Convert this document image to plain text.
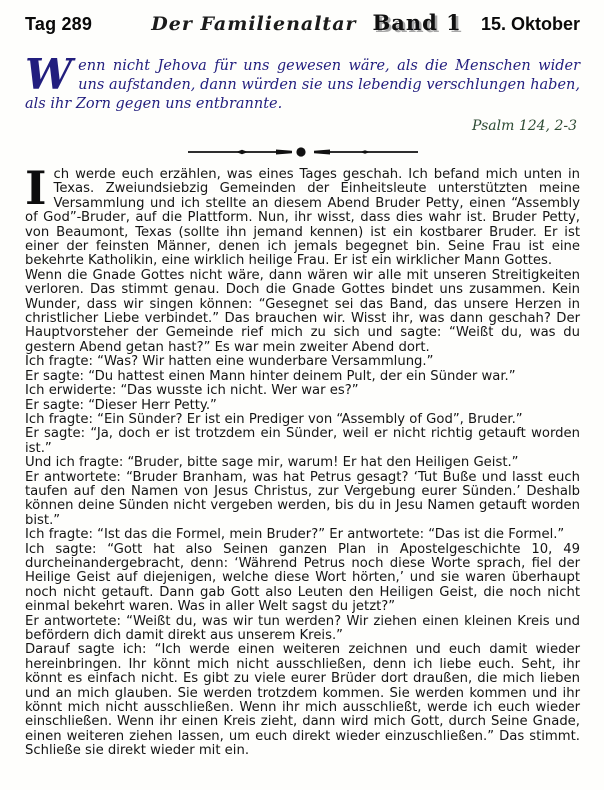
Tag 289	Der Familienaltar Band 1 15. Oktober
Wenn nicht Jehova für uns gewesen wäre, als die Menschen wider uns aufstanden, dann würden sie uns lebendig verschlungen haben, als ihr Zorn gegen uns entbrannte.
Psalm 124, 2-3

Ich werde euch erzählen, was eines Tages geschah. Ich befand mich unten in Texas. Zweiundsiebzig Gemeinden der Einheitsleute unterstützten meine Versammlung und ich stellte an diesem Abend Bruder Petty, einen “Assembly of God”-Bruder, auf die Plattform. Nun, ihr wisst, dass dies wahr ist. Bruder Petty, von Beaumont, Texas (sollte ihn jemand kennen) ist ein kostbarer Bruder. Er ist einer der feinsten Männer, denen ich jemals begegnet bin. Seine Frau ist eine bekehrte Katholikin, eine wirklich heilige Frau. Er ist ein wirklicher Mann Gottes.

Wenn die Gnade Gottes nicht wäre, dann wären wir alle mit unseren Streitigkeiten verloren. Das stimmt genau. Doch die Gnade Gottes bindet uns zusammen. Kein Wunder, dass wir singen können: “Gesegnet sei das Band, das unsere Herzen in christlicher Liebe verbindet.” Das brauchen wir. Wisst ihr, was dann geschah? Der Hauptvorsteher der Gemeinde rief mich zu sich und sagte: “Weißt du, was du gestern Abend getan hast?” Es war mein zweiter Abend dort.

Ich fragte: “Was? Wir hatten eine wunderbare Versammlung.”

Er sagte: “Du hattest einen Mann hinter deinem Pult, der ein Sünder war.”

Ich erwiderte: “Das wusste ich nicht. Wer war es?”

Er sagte: “Dieser Herr Petty.”

Ich fragte: “Ein Sünder? Er ist ein Prediger von “Assembly of God”, Bruder.”

Er sagte: “Ja, doch er ist trotzdem ein Sünder, weil er nicht richtig getauft worden ist.”

Und ich fragte: “Bruder, bitte sage mir, warum! Er hat den Heiligen Geist.”

Er antwortete: “Bruder Branham, was hat Petrus gesagt? ‘Tut Buße und lasst euch taufen auf den Namen von Jesus Christus, zur Vergebung eurer Sünden.’ Deshalb können deine Sünden nicht vergeben werden, bis du in Jesu Namen getauft worden bist.”

Ich fragte: “Ist das die Formel, mein Bruder?” Er antwortete: “Das ist die Formel.”

Ich sagte: “Gott hat also Seinen ganzen Plan in Apostelgeschichte 10, 49 durcheinandergebracht, denn: ‘Während Petrus noch diese Worte sprach, fiel der Heilige Geist auf diejenigen, welche diese Wort hörten,’ und sie waren überhaupt noch nicht getauft. Dann gab Gott also Leuten den Heiligen Geist, die noch nicht einmal bekehrt waren. Was in aller Welt sagst du jetzt?”

Er antwortete: “Weißt du, was wir tun werden? Wir ziehen einen kleinen Kreis und befördern dich damit direkt aus unserem Kreis.”

Darauf sagte ich: “Ich werde einen weiteren zeichnen und euch damit wieder hereinbringen. Ihr könnt mich nicht ausschließen, denn ich liebe euch. Seht, ihr könnt es einfach nicht. Es gibt zu viele eurer Brüder dort draußen, die mich lieben und an mich glauben. Sie werden trotzdem kommen. Sie werden kommen und ihr könnt mich nicht ausschließen. Wenn ihr mich ausschließt, werde ich euch wieder einschließen. Wenn ihr einen Kreis zieht, dann wird mich Gott, durch Seine Gnade, einen weiteren ziehen lassen, um euch direkt wieder einzuschließen.” Das stimmt. Schließe sie direkt wieder mit ein.
